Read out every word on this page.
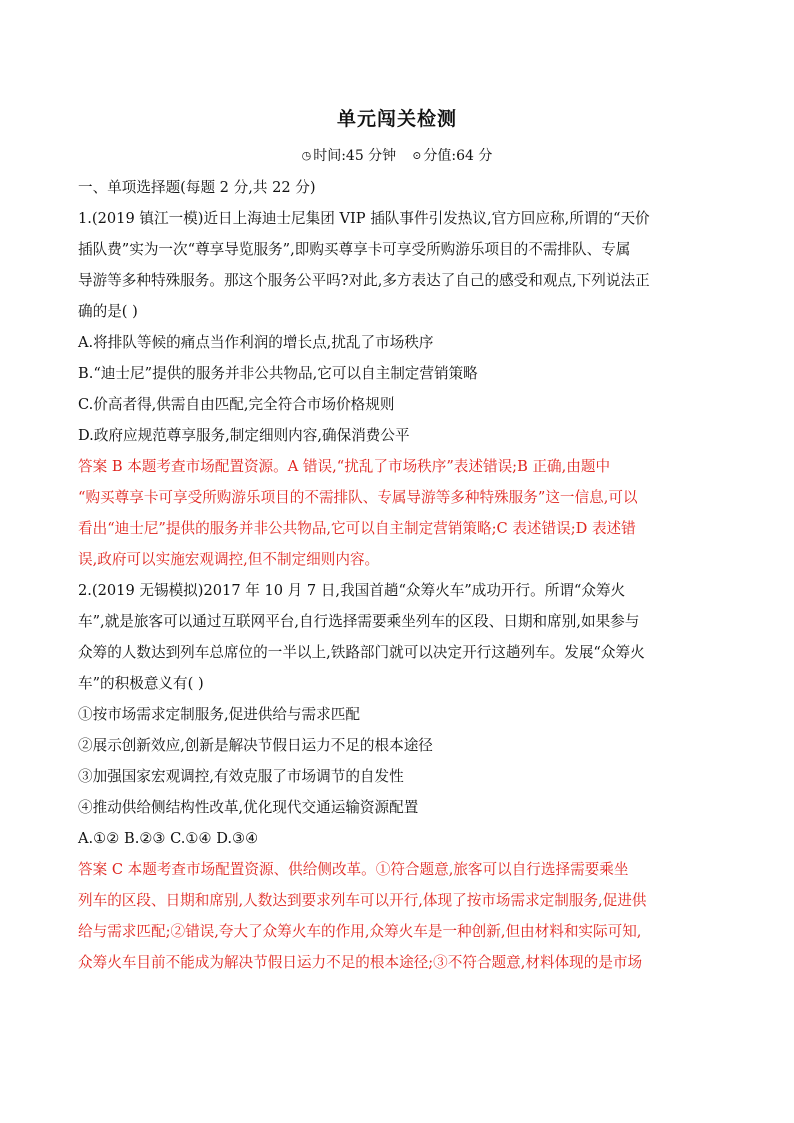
单元闯关检测
◷ 时间:45 分钟 ⊙ 分值:64 分

一、单项选择题(每题 2 分,共 22 分)

1.(2019 镇江一模)近日上海迪士尼集团 VIP 插队事件引发热议,官方回应称,所谓的“天价

插队费”实为一次“尊享导览服务”,即购买尊享卡可享受所购游乐项目的不需排队、专属

导游等多种特殊服务。那这个服务公平吗?对此,多方表达了自己的感受和观点,下列说法正

确的是( )

A.将排队等候的痛点当作利润的增长点,扰乱了市场秩序

B.“迪士尼”提供的服务并非公共物品,它可以自主制定营销策略

C.价高者得,供需自由匹配,完全符合市场价格规则

D.政府应规范尊享服务,制定细则内容,确保消费公平

答案 B 本题考查市场配置资源。A 错误,“扰乱了市场秩序”表述错误;B 正确,由题中

“购买尊享卡可享受所购游乐项目的不需排队、专属导游等多种特殊服务”这一信息,可以

看出“迪士尼”提供的服务并非公共物品,它可以自主制定营销策略;C 表述错误;D 表述错

误,政府可以实施宏观调控,但不制定细则内容。

2.(2019 无锡模拟)2017 年 10 月 7 日,我国首趟“众筹火车”成功开行。所谓“众筹火

车”,就是旅客可以通过互联网平台,自行选择需要乘坐列车的区段、日期和席别,如果参与

众筹的人数达到列车总席位的一半以上,铁路部门就可以决定开行这趟列车。发展“众筹火

车”的积极意义有( )

①按市场需求定制服务,促进供给与需求匹配

②展示创新效应,创新是解决节假日运力不足的根本途径

③加强国家宏观调控,有效克服了市场调节的自发性

④推动供给侧结构性改革,优化现代交通运输资源配置

A.①② B.②③ C.①④ D.③④

答案 C 本题考查市场配置资源、供给侧改革。①符合题意,旅客可以自行选择需要乘坐

列车的区段、日期和席别,人数达到要求列车可以开行,体现了按市场需求定制服务,促进供

给与需求匹配;②错误,夸大了众筹火车的作用,众筹火车是一种创新,但由材料和实际可知,

众筹火车目前不能成为解决节假日运力不足的根本途径;③不符合题意,材料体现的是市场
